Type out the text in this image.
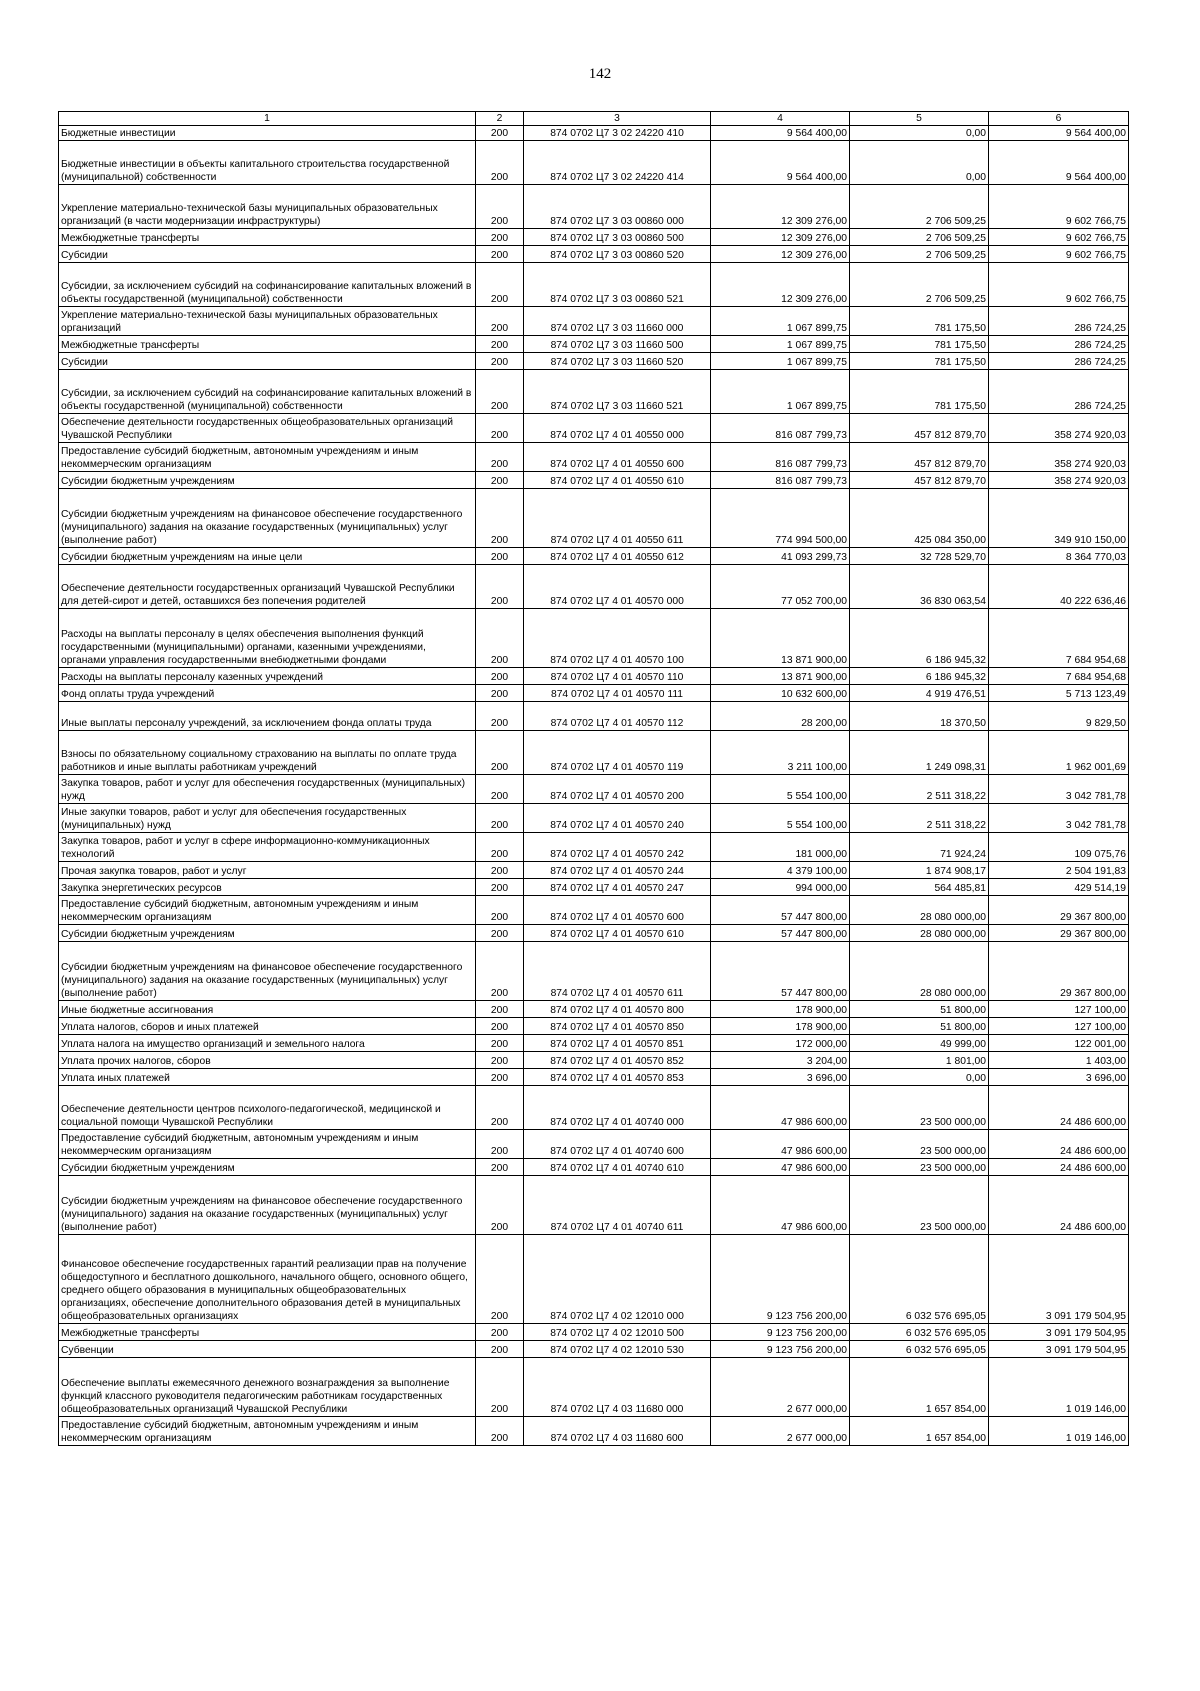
142
1	2	3	4	5	6
Бюджетные инвестиции	200	874 0702 Ц7 3 02 24220 410	9 564 400,00	0,00	9 564 400,00
Бюджетные инвестиции в объекты капитального строительства государственной (муниципальной) собственности	200	874 0702 Ц7 3 02 24220 414	9 564 400,00	0,00	9 564 400,00
Укрепление материально-технической базы муниципальных образовательных организаций (в части модернизации инфраструктуры)	200	874 0702 Ц7 3 03 00860 000	12 309 276,00	2 706 509,25	9 602 766,75
Межбюджетные трансферты	200	874 0702 Ц7 3 03 00860 500	12 309 276,00	2 706 509,25	9 602 766,75
Субсидии	200	874 0702 Ц7 3 03 00860 520	12 309 276,00	2 706 509,25	9 602 766,75
Субсидии, за исключением субсидий на софинансирование капитальных вложений в объекты государственной (муниципальной) собственности	200	874 0702 Ц7 3 03 00860 521	12 309 276,00	2 706 509,25	9 602 766,75
Укрепление материально-технической базы муниципальных образовательных организаций	200	874 0702 Ц7 3 03 11660 000	1 067 899,75	781 175,50	286 724,25
Межбюджетные трансферты	200	874 0702 Ц7 3 03 11660 500	1 067 899,75	781 175,50	286 724,25
Субсидии	200	874 0702 Ц7 3 03 11660 520	1 067 899,75	781 175,50	286 724,25
Субсидии, за исключением субсидий на софинансирование капитальных вложений в объекты государственной (муниципальной) собственности	200	874 0702 Ц7 3 03 11660 521	1 067 899,75	781 175,50	286 724,25
Обеспечение деятельности государственных общеобразовательных организаций Чувашской Республики	200	874 0702 Ц7 4 01 40550 000	816 087 799,73	457 812 879,70	358 274 920,03
Предоставление субсидий бюджетным, автономным учреждениям и иным некоммерческим организациям	200	874 0702 Ц7 4 01 40550 600	816 087 799,73	457 812 879,70	358 274 920,03
Субсидии бюджетным учреждениям	200	874 0702 Ц7 4 01 40550 610	816 087 799,73	457 812 879,70	358 274 920,03
Субсидии бюджетным учреждениям на финансовое обеспечение государственного (муниципального) задания на оказание государственных (муниципальных) услуг (выполнение работ)	200	874 0702 Ц7 4 01 40550 611	774 994 500,00	425 084 350,00	349 910 150,00
Субсидии бюджетным учреждениям на иные цели	200	874 0702 Ц7 4 01 40550 612	41 093 299,73	32 728 529,70	8 364 770,03
Обеспечение деятельности государственных организаций Чувашской Республики для детей-сирот и детей, оставшихся без попечения родителей	200	874 0702 Ц7 4 01 40570 000	77 052 700,00	36 830 063,54	40 222 636,46
Расходы на выплаты персоналу в целях обеспечения выполнения функций государственными (муниципальными) органами, казенными учреждениями, органами управления государственными внебюджетными фондами	200	874 0702 Ц7 4 01 40570 100	13 871 900,00	6 186 945,32	7 684 954,68
Расходы на выплаты персоналу казенных учреждений	200	874 0702 Ц7 4 01 40570 110	13 871 900,00	6 186 945,32	7 684 954,68
Фонд оплаты труда учреждений	200	874 0702 Ц7 4 01 40570 111	10 632 600,00	4 919 476,51	5 713 123,49
Иные выплаты персоналу учреждений, за исключением фонда оплаты труда	200	874 0702 Ц7 4 01 40570 112	28 200,00	18 370,50	9 829,50
Взносы по обязательному социальному страхованию на выплаты по оплате труда работников и иные выплаты работникам учреждений	200	874 0702 Ц7 4 01 40570 119	3 211 100,00	1 249 098,31	1 962 001,69
Закупка товаров, работ и услуг для обеспечения государственных (муниципальных) нужд	200	874 0702 Ц7 4 01 40570 200	5 554 100,00	2 511 318,22	3 042 781,78
Иные закупки товаров, работ и услуг для обеспечения государственных (муниципальных) нужд	200	874 0702 Ц7 4 01 40570 240	5 554 100,00	2 511 318,22	3 042 781,78
Закупка товаров, работ и услуг в сфере информационно-коммуникационных технологий	200	874 0702 Ц7 4 01 40570 242	181 000,00	71 924,24	109 075,76
Прочая закупка товаров, работ и услуг	200	874 0702 Ц7 4 01 40570 244	4 379 100,00	1 874 908,17	2 504 191,83
Закупка энергетических ресурсов	200	874 0702 Ц7 4 01 40570 247	994 000,00	564 485,81	429 514,19
Предоставление субсидий бюджетным, автономным учреждениям и иным некоммерческим организациям	200	874 0702 Ц7 4 01 40570 600	57 447 800,00	28 080 000,00	29 367 800,00
Субсидии бюджетным учреждениям	200	874 0702 Ц7 4 01 40570 610	57 447 800,00	28 080 000,00	29 367 800,00
Субсидии бюджетным учреждениям на финансовое обеспечение государственного (муниципального) задания на оказание государственных (муниципальных) услуг (выполнение работ)	200	874 0702 Ц7 4 01 40570 611	57 447 800,00	28 080 000,00	29 367 800,00
Иные бюджетные ассигнования	200	874 0702 Ц7 4 01 40570 800	178 900,00	51 800,00	127 100,00
Уплата налогов, сборов и иных платежей	200	874 0702 Ц7 4 01 40570 850	178 900,00	51 800,00	127 100,00
Уплата налога на имущество организаций и земельного налога	200	874 0702 Ц7 4 01 40570 851	172 000,00	49 999,00	122 001,00
Уплата прочих налогов, сборов	200	874 0702 Ц7 4 01 40570 852	3 204,00	1 801,00	1 403,00
Уплата иных платежей	200	874 0702 Ц7 4 01 40570 853	3 696,00	0,00	3 696,00
Обеспечение деятельности центров психолого-педагогической, медицинской и социальной помощи Чувашской Республики	200	874 0702 Ц7 4 01 40740 000	47 986 600,00	23 500 000,00	24 486 600,00
Предоставление субсидий бюджетным, автономным учреждениям и иным некоммерческим организациям	200	874 0702 Ц7 4 01 40740 600	47 986 600,00	23 500 000,00	24 486 600,00
Субсидии бюджетным учреждениям	200	874 0702 Ц7 4 01 40740 610	47 986 600,00	23 500 000,00	24 486 600,00
Субсидии бюджетным учреждениям на финансовое обеспечение государственного (муниципального) задания на оказание государственных (муниципальных) услуг (выполнение работ)	200	874 0702 Ц7 4 01 40740 611	47 986 600,00	23 500 000,00	24 486 600,00
Финансовое обеспечение государственных гарантий реализации прав на получение общедоступного и бесплатного дошкольного, начального общего, основного общего, среднего общего образования в муниципальных общеобразовательных организациях, обеспечение дополнительного образования детей в муниципальных общеобразовательных организациях	200	874 0702 Ц7 4 02 12010 000	9 123 756 200,00	6 032 576 695,05	3 091 179 504,95
Межбюджетные трансферты	200	874 0702 Ц7 4 02 12010 500	9 123 756 200,00	6 032 576 695,05	3 091 179 504,95
Субвенции	200	874 0702 Ц7 4 02 12010 530	9 123 756 200,00	6 032 576 695,05	3 091 179 504,95
Обеспечение выплаты ежемесячного денежного вознаграждения за выполнение функций классного руководителя педагогическим работникам государственных общеобразовательных организаций Чувашской Республики	200	874 0702 Ц7 4 03 11680 000	2 677 000,00	1 657 854,00	1 019 146,00
Предоставление субсидий бюджетным, автономным учреждениям и иным некоммерческим организациям	200	874 0702 Ц7 4 03 11680 600	2 677 000,00	1 657 854,00	1 019 146,00
